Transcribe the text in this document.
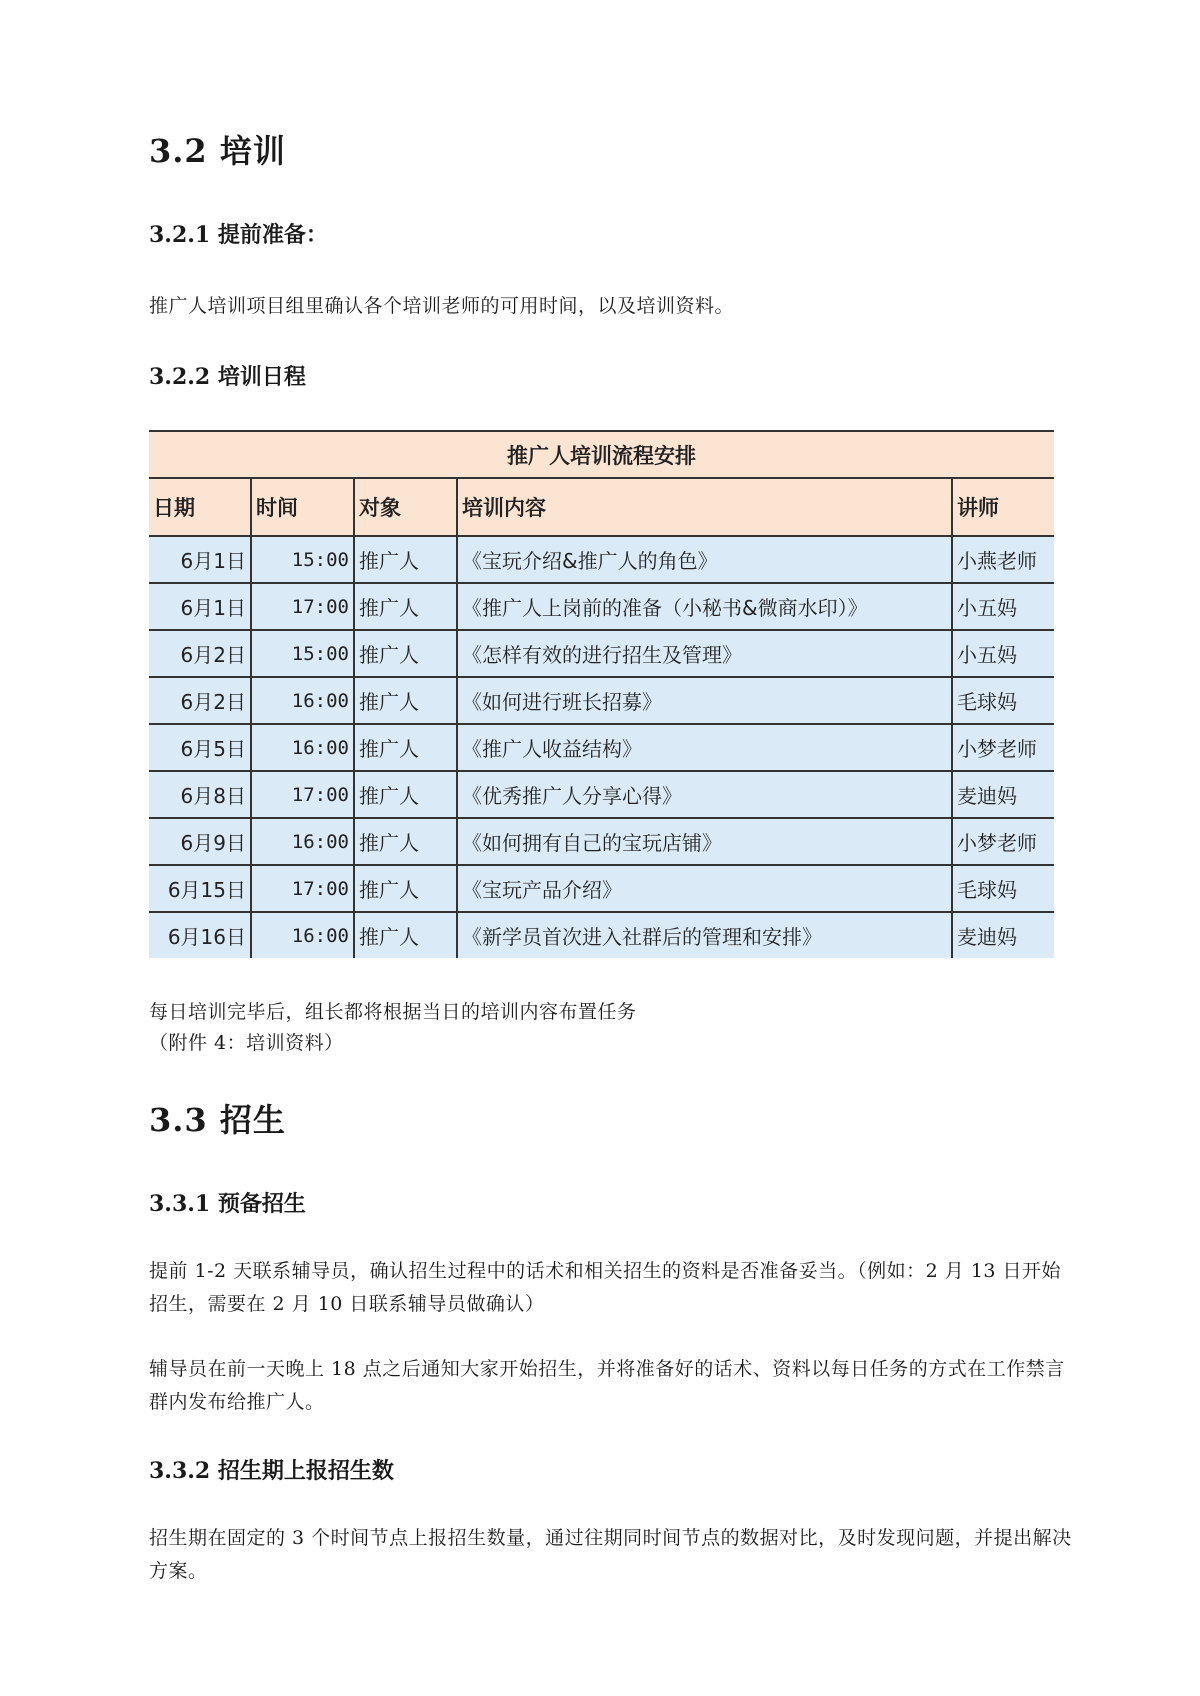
3.2 培训
3.2.1 提前准备：
推广人培训项目组里确认各个培训老师的可用时间，以及培训资料。
3.2.2 培训日程
推广人培训流程安排				
日期	时间	对象	培训内容	讲师
6月1日	15:00	推广人	《宝玩介绍&推广人的角色》	小燕老师
6月1日	17:00	推广人	《推广人上岗前的准备（小秘书&微商水印）》	小五妈
6月2日	15:00	推广人	《怎样有效的进行招生及管理》	小五妈
6月2日	16:00	推广人	《如何进行班长招募》	毛球妈
6月5日	16:00	推广人	《推广人收益结构》	小梦老师
6月8日	17:00	推广人	《优秀推广人分享心得》	麦迪妈
6月9日	16:00	推广人	《如何拥有自己的宝玩店铺》	小梦老师
6月15日	17:00	推广人	《宝玩产品介绍》	毛球妈
6月16日	16:00	推广人	《新学员首次进入社群后的管理和安排》	麦迪妈
每日培训完毕后，组长都将根据当日的培训内容布置任务
（附件 4：培训资料）
3.3 招生
3.3.1 预备招生
提前 1-2 天联系辅导员，确认招生过程中的话术和相关招生的资料是否准备妥当。（例如：2 月 13 日开始招生，需要在 2 月 10 日联系辅导员做确认）
辅导员在前一天晚上 18 点之后通知大家开始招生，并将准备好的话术、资料以每日任务的方式在工作禁言群内发布给推广人。
3.3.2 招生期上报招生数
招生期在固定的 3 个时间节点上报招生数量，通过往期同时间节点的数据对比，及时发现问题，并提出解决方案。
